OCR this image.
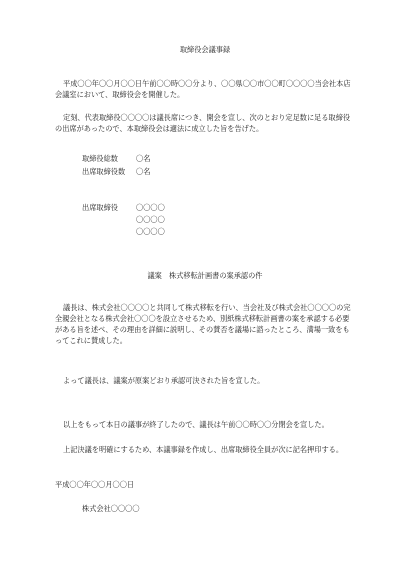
取締役会議事録
平成〇〇年〇〇月〇〇日午前〇〇時〇〇分より、〇〇県〇〇市〇〇町〇〇〇〇当会社本店会議室において、取締役会を開催した。
定刻、代表取締役〇〇〇〇は議長席につき、開会を宣し、次のとおり定足数に足る取締役の出席があったので、本取締役会は適法に成立した旨を告げた。
取締役総数	〇名
出席取締役数 〇名
出席取締役	〇〇〇〇
〇〇〇〇
〇〇〇〇
議案　株式移転計画書の案承認の件
議長は、株式会社〇〇〇〇と共同して株式移転を行い、当会社及び株式会社〇〇〇〇の完全親会社となる株式会社〇〇〇を設立させるため、別紙株式移転計画書の案を承認する必要がある旨を述べ、その理由を詳細に説明し、その賛否を議場に諮ったところ、満場一致をもってこれに賛成した。
よって議長は、議案が原案どおり承認可決された旨を宣した。
以上をもって本日の議事が終了したので、議長は午前〇〇時〇〇分閉会を宣した。
上記決議を明確にするため、本議事録を作成し、出席取締役全員が次に記名押印する。
平成〇〇年〇〇月〇〇日
株式会社〇〇〇〇
